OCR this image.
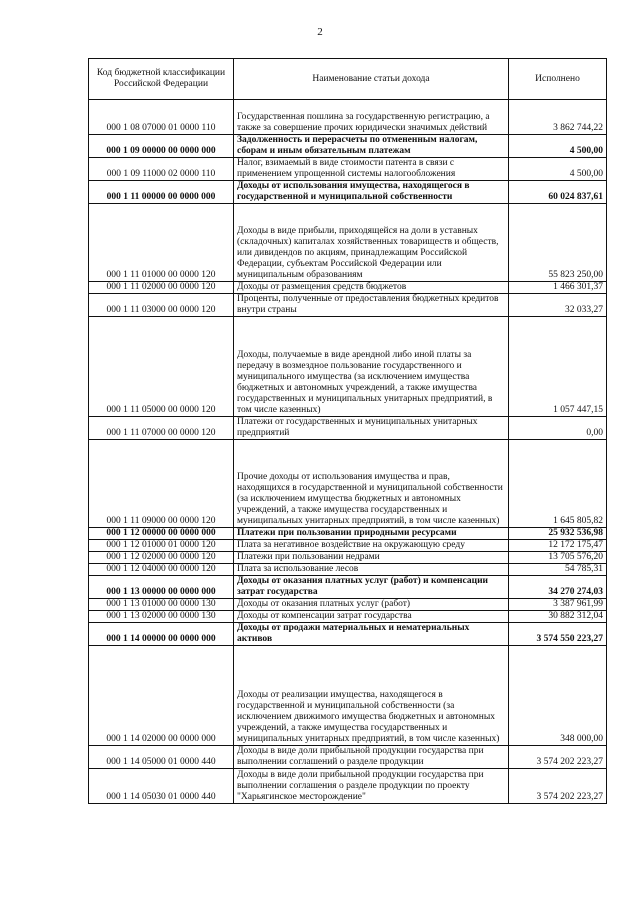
2
Код бюджетной классификации Российской Федерации	Наименование статьи дохода	Исполнено
000 1 08 07000 01 0000 110	Государственная пошлина за государственную регистрацию, а также за совершение прочих юридически значимых действий	3 862 744,22
000 1 09 00000 00 0000 000	Задолженность и перерасчеты по отмененным налогам, сборам и иным обязательным платежам	4 500,00
000 1 09 11000 02 0000 110	Налог, взимаемый в виде стоимости патента в связи с применением упрощенной системы налогообложения	4 500,00
000 1 11 00000 00 0000 000	Доходы от использования имущества, находящегося в государственной и муниципальной собственности	60 024 837,61
000 1 11 01000 00 0000 120	Доходы в виде прибыли, приходящейся на доли в уставных (складочных) капиталах хозяйственных товариществ и обществ, или дивидендов по акциям, принадлежащим Российской Федерации, субъектам Российской Федерации или муниципальным образованиям	55 823 250,00
000 1 11 02000 00 0000 120	Доходы от размещения средств бюджетов	1 466 301,37
000 1 11 03000 00 0000 120	Проценты, полученные от предоставления бюджетных кредитов внутри страны	32 033,27
000 1 11 05000 00 0000 120	Доходы, получаемые в виде арендной либо иной платы за передачу в возмездное пользование государственного и муниципального имущества (за исключением имущества бюджетных и автономных учреждений, а также имущества государственных и муниципальных унитарных предприятий, в том числе казенных)	1 057 447,15
000 1 11 07000 00 0000 120	Платежи от государственных и муниципальных унитарных предприятий	0,00
000 1 11 09000 00 0000 120	Прочие доходы от использования имущества и прав, находящихся в государственной и муниципальной собственности (за исключением имущества бюджетных и автономных учреждений, а также имущества государственных и муниципальных унитарных предприятий, в том числе казенных)	1 645 805,82
000 1 12 00000 00 0000 000	Платежи при пользовании природными ресурсами	25 932 536,98
000 1 12 01000 01 0000 120	Плата за негативное воздействие на окружающую среду	12 172 175,47
000 1 12 02000 00 0000 120	Платежи при пользовании недрами	13 705 576,20
000 1 12 04000 00 0000 120	Плата за использование лесов	54 785,31
000 1 13 00000 00 0000 000	Доходы от оказания платных услуг (работ) и компенсации затрат государства	34 270 274,03
000 1 13 01000 00 0000 130	Доходы от оказания платных услуг (работ)	3 387 961,99
000 1 13 02000 00 0000 130	Доходы от компенсации затрат государства	30 882 312,04
000 1 14 00000 00 0000 000	Доходы от продажи материальных и нематериальных активов	3 574 550 223,27
000 1 14 02000 00 0000 000	Доходы от реализации имущества, находящегося в государственной и муниципальной собственности (за исключением движимого имущества бюджетных и автономных учреждений, а также имущества государственных и муниципальных унитарных предприятий, в том числе казенных)	348 000,00
000 1 14 05000 01 0000 440	Доходы в виде доли прибыльной продукции государства при выполнении соглашений о разделе продукции	3 574 202 223,27
000 1 14 05030 01 0000 440	Доходы в виде доли прибыльной продукции государства при выполнении соглашения о разделе продукции по проекту "Харьягинское месторождение"	3 574 202 223,27
